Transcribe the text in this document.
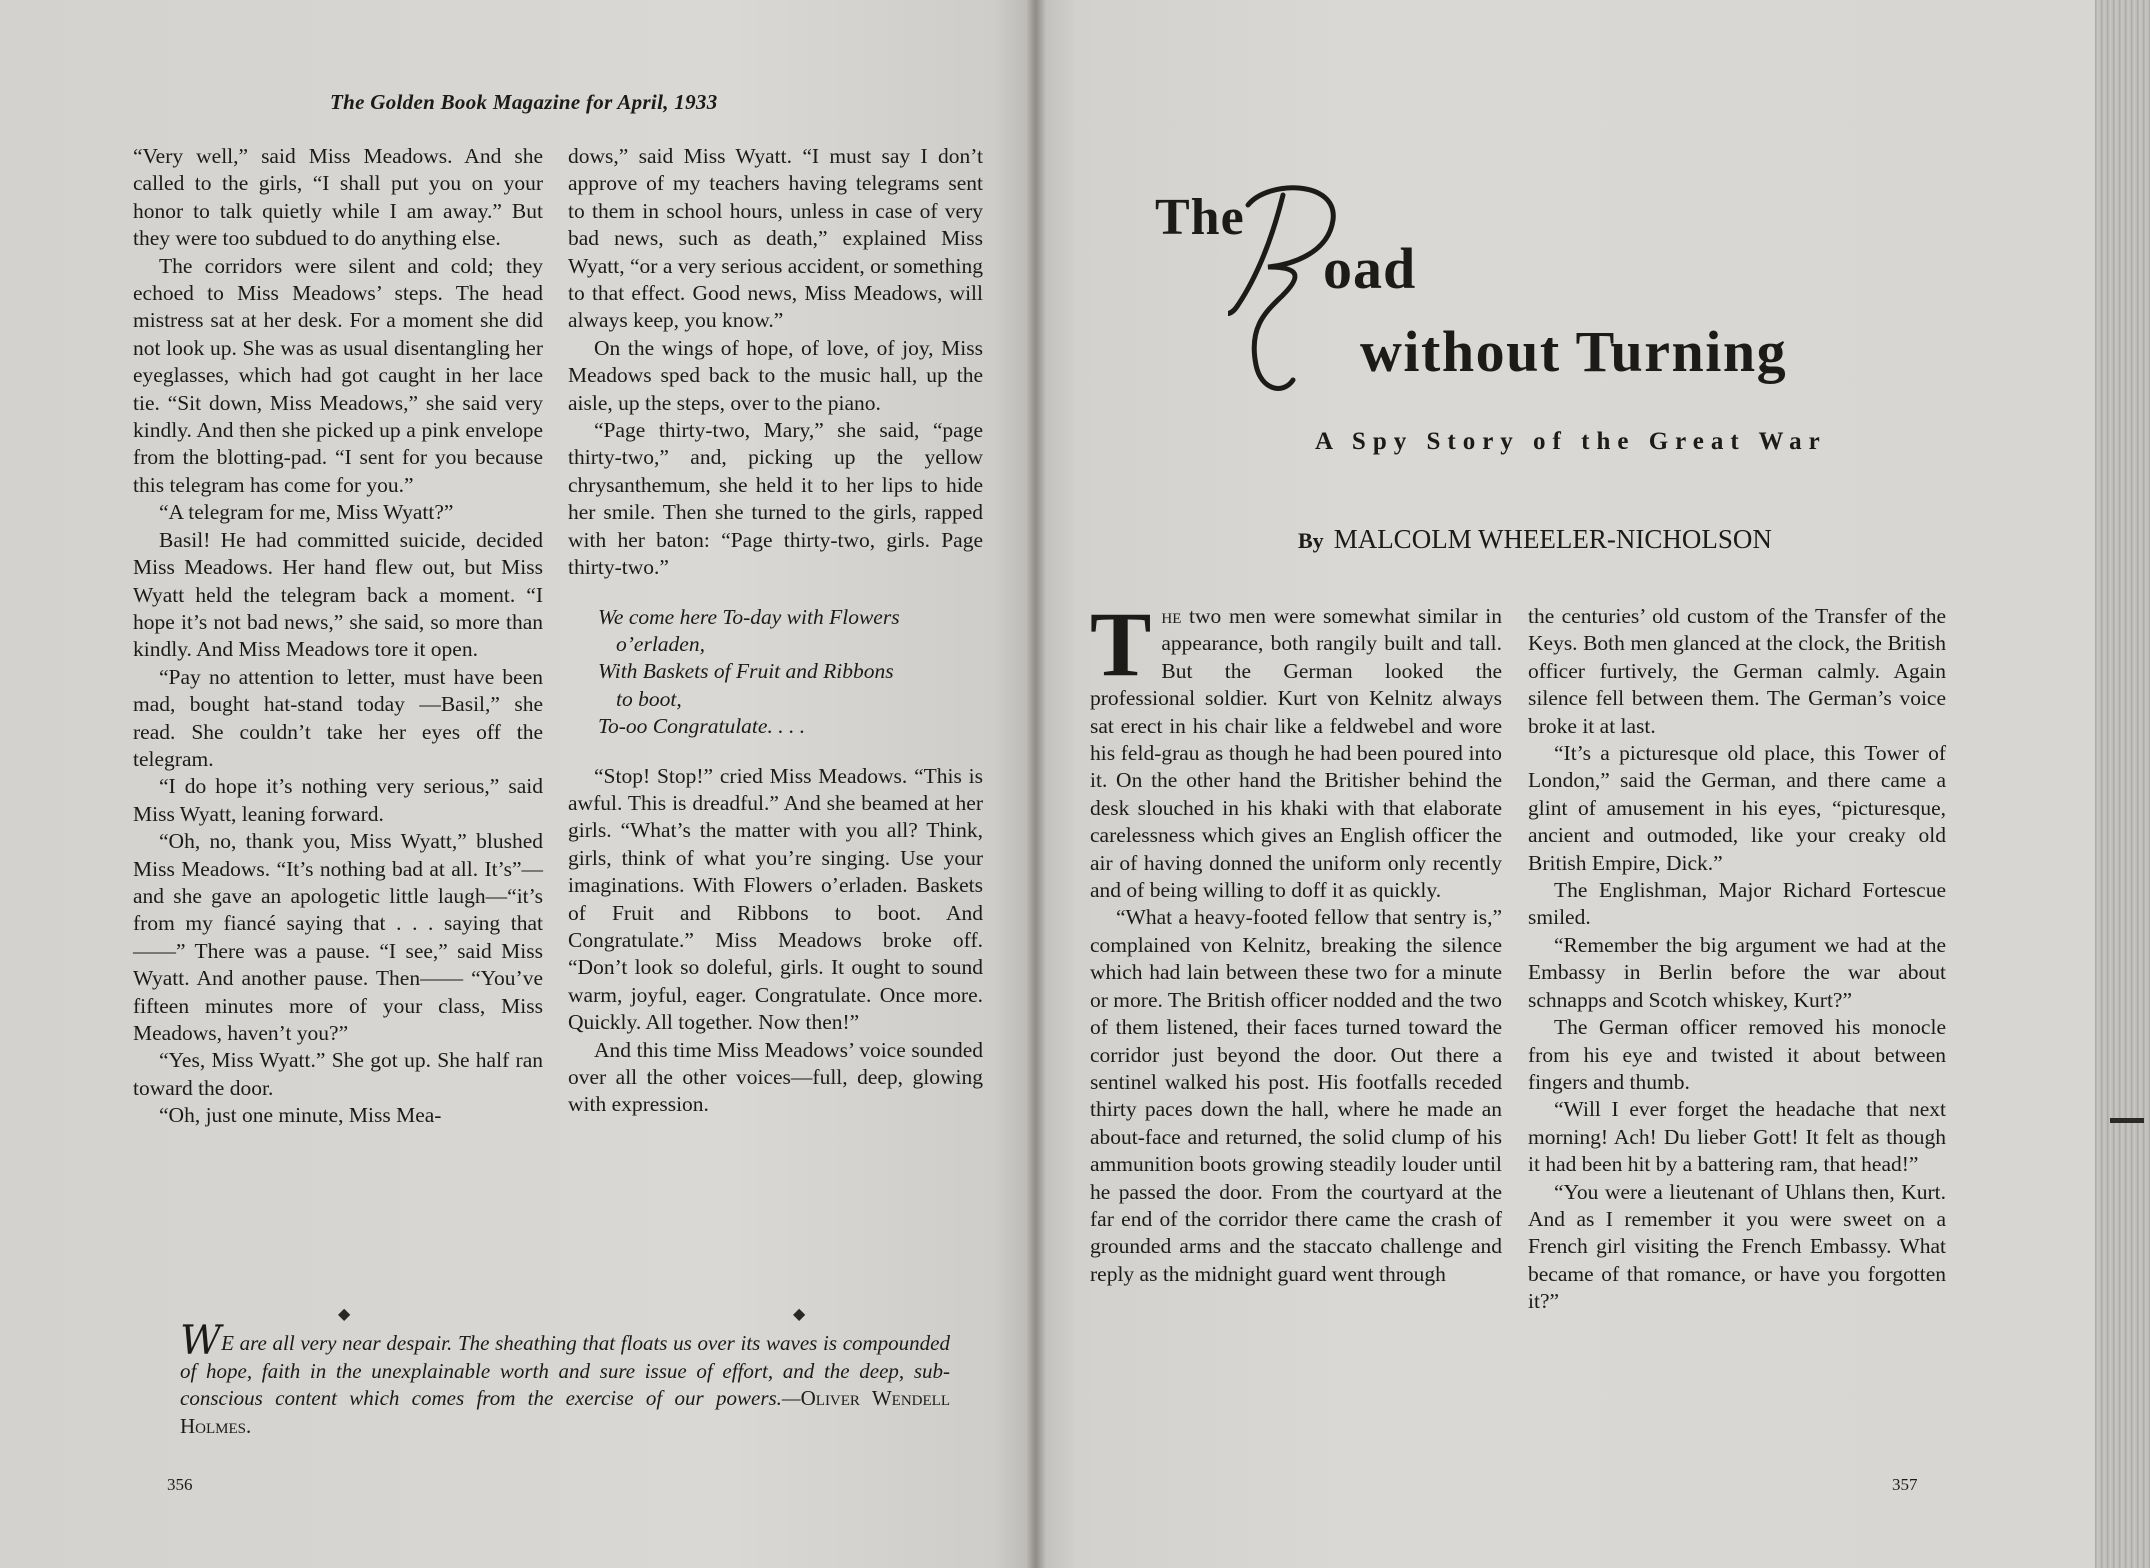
The Golden Book Magazine for April, 1933

“Very well,” said Miss Meadows. And she called to the girls, “I shall put you on your honor to talk quietly while I am away.” But they were too subdued to do anything else.

The corridors were silent and cold; they echoed to Miss Meadows’ steps. The head mistress sat at her desk. For a moment she did not look up. She was as usual disentangling her eyeglasses, which had got caught in her lace tie. “Sit down, Miss Meadows,” she said very kindly. And then she picked up a pink envelope from the blotting-pad. “I sent for you because this telegram has come for you.”

“A telegram for me, Miss Wyatt?”

Basil! He had committed suicide, decided Miss Meadows. Her hand flew out, but Miss Wyatt held the telegram back a moment. “I hope it’s not bad news,” she said, so more than kindly. And Miss Meadows tore it open.

“Pay no attention to letter, must have been mad, bought hat-stand today —Basil,” she read. She couldn’t take her eyes off the telegram.

“I do hope it’s nothing very serious,” said Miss Wyatt, leaning forward.

“Oh, no, thank you, Miss Wyatt,” blushed Miss Meadows. “It’s nothing bad at all. It’s”—and she gave an apologetic little laugh—“it’s from my fiancé saying that . . . saying that——” There was a pause. “I see,” said Miss Wyatt. And another pause. Then—— “You’ve fifteen minutes more of your class, Miss Meadows, haven’t you?”

“Yes, Miss Wyatt.” She got up. She half ran toward the door.

“Oh, just one minute, Miss Mea-

dows,” said Miss Wyatt. “I must say I don’t approve of my teachers having telegrams sent to them in school hours, unless in case of very bad news, such as death,” explained Miss Wyatt, “or a very serious accident, or something to that effect. Good news, Miss Meadows, will always keep, you know.”

On the wings of hope, of love, of joy, Miss Meadows sped back to the music hall, up the aisle, up the steps, over to the piano.

“Page thirty-two, Mary,” she said, “page thirty-two,” and, picking up the yellow chrysanthemum, she held it to her lips to hide her smile. Then she turned to the girls, rapped with her baton: “Page thirty-two, girls. Page thirty-two.”

We come here To-day with Flowers
o’erladen,
With Baskets of Fruit and Ribbons
to boot,
To-oo Congratulate. . . .

“Stop! Stop!” cried Miss Meadows. “This is awful. This is dreadful.” And she beamed at her girls. “What’s the matter with you all? Think, girls, think of what you’re singing. Use your imaginations. With Flowers o’erladen. Baskets of Fruit and Ribbons to boot. And Congratulate.” Miss Meadows broke off. “Don’t look so doleful, girls. It ought to sound warm, joyful, eager. Congratulate. Once more. Quickly. All together. Now then!”

And this time Miss Meadows’ voice sounded over all the other voices—full, deep, glowing with expression.

◆	◆
WE are all very near despair. The sheathing that floats us over its waves is compounded of hope, faith in the unexplainable worth and sure issue of effort, and the deep, sub-conscious content which comes from the exercise of our powers.—Oliver Wendell Holmes.
356
The
oad
without Turning
A Spy Story of the Great War
By MALCOLM WHEELER-NICHOLSON

The two men were somewhat similar in appearance, both rangily built and tall. But the German looked the professional soldier. Kurt von Kelnitz always sat erect in his chair like a feldwebel and wore his feld-grau as though he had been poured into it. On the other hand the Britisher behind the desk slouched in his khaki with that elaborate carelessness which gives an English officer the air of having donned the uniform only recently and of being willing to doff it as quickly.

“What a heavy-footed fellow that sentry is,” complained von Kelnitz, breaking the silence which had lain between these two for a minute or more. The British officer nodded and the two of them listened, their faces turned toward the corridor just beyond the door. Out there a sentinel walked his post. His footfalls receded thirty paces down the hall, where he made an about-face and returned, the solid clump of his ammunition boots growing steadily louder until he passed the door. From the courtyard at the far end of the corridor there came the crash of grounded arms and the staccato challenge and reply as the midnight guard went through

the centuries’ old custom of the Transfer of the Keys. Both men glanced at the clock, the British officer furtively, the German calmly. Again silence fell between them. The German’s voice broke it at last.

“It’s a picturesque old place, this Tower of London,” said the German, and there came a glint of amusement in his eyes, “picturesque, ancient and outmoded, like your creaky old British Empire, Dick.”

The Englishman, Major Richard Fortescue smiled.

“Remember the big argument we had at the Embassy in Berlin before the war about schnapps and Scotch whiskey, Kurt?”

The German officer removed his monocle from his eye and twisted it about between fingers and thumb.

“Will I ever forget the headache that next morning! Ach! Du lieber Gott! It felt as though it had been hit by a battering ram, that head!”

“You were a lieutenant of Uhlans then, Kurt. And as I remember it you were sweet on a French girl visiting the French Embassy. What became of that romance, or have you forgotten it?”

357
